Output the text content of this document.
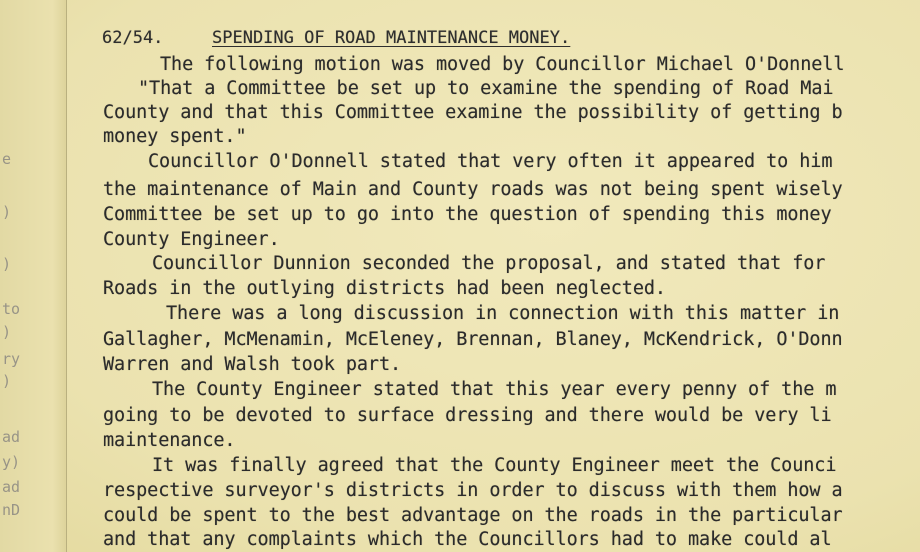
e
)
)
to
)
ry
)
ad
y)
ad
nD
62/54.	SPENDING OF ROAD MAINTENANCE MONEY.
The following motion was moved by Councillor Michael O'Donnell
"That a Committee be set up to examine the spending of Road Mai
County and that this Committee examine the possibility of getting b
money spent."
Councillor O'Donnell stated that very often it appeared to him
the maintenance of Main and County roads was not being spent wisely
Committee be set up to go into the question of spending this money
County Engineer.
Councillor Dunnion seconded the proposal, and stated that for
Roads in the outlying districts had been neglected.
There was a long discussion in connection with this matter in
Gallagher, McMenamin, McEleney, Brennan, Blaney, McKendrick, O'Donn
Warren and Walsh took part.
The County Engineer stated that this year every penny of the m
going to be devoted to surface dressing and there would be very li
maintenance.
It was finally agreed that the County Engineer meet the Counci
respective surveyor's districts in order to discuss with them how a
could be spent to the best advantage on the roads in the particular
and that any complaints which the Councillors had to make could al
